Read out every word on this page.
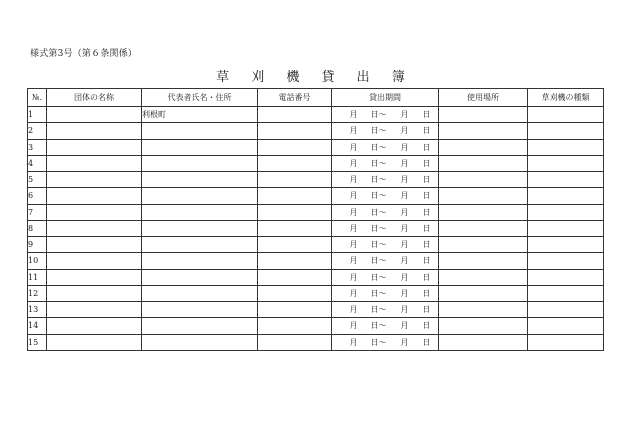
様式第3号（第６条関係）
草 刈 機 貸 出 簿
№.	団体の名称	代表者氏名・住所	電話番号	貸出期間	使用場所	草刈機の種類
1		利根町		月 日～ 月 日		
2				月 日～ 月 日		
3				月 日～ 月 日		
4				月 日～ 月 日		
5				月 日～ 月 日		
6				月 日～ 月 日		
7				月 日～ 月 日		
8				月 日～ 月 日		
9				月 日～ 月 日		
10				月 日～ 月 日		
11				月 日～ 月 日		
12				月 日～ 月 日		
13				月 日～ 月 日		
14				月 日～ 月 日		
15				月 日～ 月 日		
